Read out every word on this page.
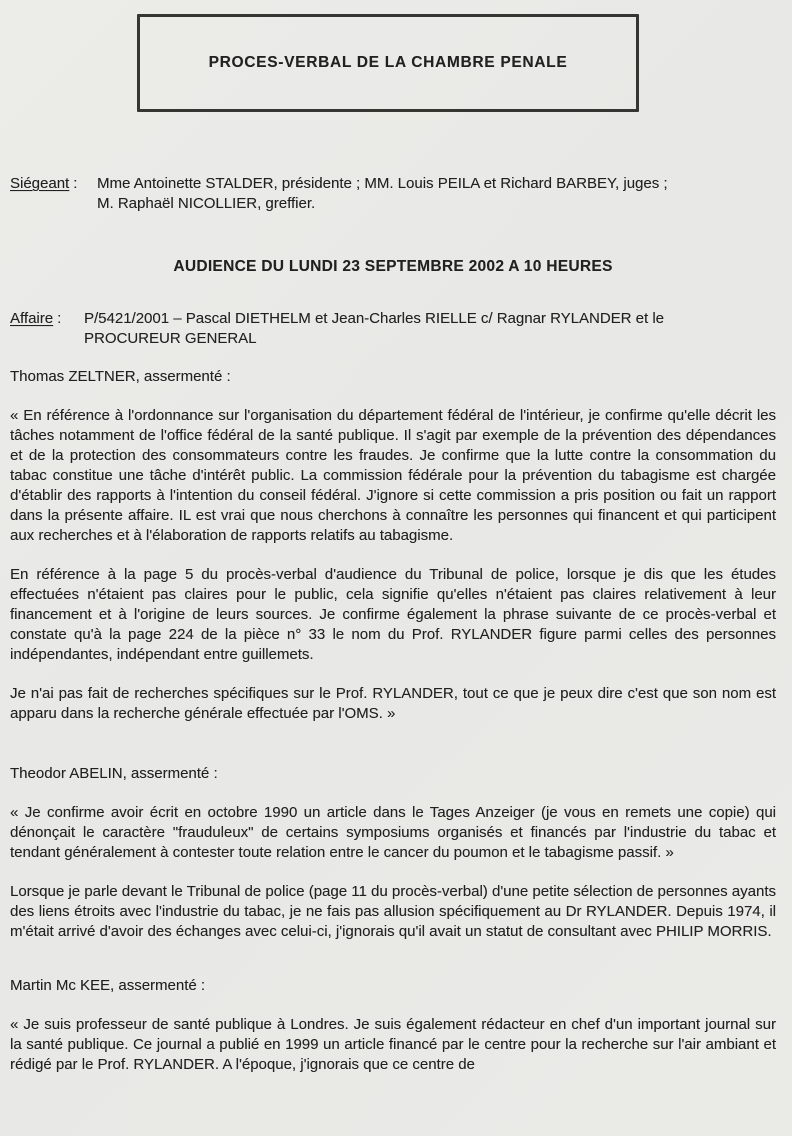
PROCES-VERBAL DE LA CHAMBRE PENALE
Siégeant :	Mme Antoinette STALDER, présidente ; MM. Louis PEILA et Richard BARBEY, juges ;
M. Raphaël NICOLLIER, greffier.
AUDIENCE DU LUNDI 23 SEPTEMBRE 2002 A 10 HEURES
Affaire :	P/5421/2001 – Pascal DIETHELM et Jean-Charles RIELLE c/ Ragnar RYLANDER et le
PROCUREUR GENERAL
Thomas ZELTNER, assermenté :

« En référence à l'ordonnance sur l'organisation du département fédéral de l'intérieur, je confirme qu'elle décrit les tâches notamment de l'office fédéral de la santé publique. Il s'agit par exemple de la prévention des dépendances et de la protection des consommateurs contre les fraudes. Je confirme que la lutte contre la consommation du tabac constitue une tâche d'intérêt public. La commission fédérale pour la prévention du tabagisme est chargée d'établir des rapports à l'intention du conseil fédéral. J'ignore si cette commission a pris position ou fait un rapport dans la présente affaire. IL est vrai que nous cherchons à connaître les personnes qui financent et qui participent aux recherches et à l'élaboration de rapports relatifs au tabagisme.

En référence à la page 5 du procès-verbal d'audience du Tribunal de police, lorsque je dis que les études effectuées n'étaient pas claires pour le public, cela signifie qu'elles n'étaient pas claires relativement à leur financement et à l'origine de leurs sources. Je confirme également la phrase suivante de ce procès-verbal et constate qu'à la page 224 de la pièce n° 33 le nom du Prof. RYLANDER figure parmi celles des personnes indépendantes, indépendant entre guillemets.

Je n'ai pas fait de recherches spécifiques sur le Prof. RYLANDER, tout ce que je peux dire c'est que son nom est apparu dans la recherche générale effectuée par l'OMS. »

Theodor ABELIN, assermenté :

« Je confirme avoir écrit en octobre 1990 un article dans le Tages Anzeiger (je vous en remets une copie) qui dénonçait le caractère "frauduleux" de certains symposiums organisés et financés par l'industrie du tabac et tendant généralement à contester toute relation entre le cancer du poumon et le tabagisme passif. »

Lorsque je parle devant le Tribunal de police (page 11 du procès-verbal) d'une petite sélection de personnes ayants des liens étroits avec l'industrie du tabac, je ne fais pas allusion spécifiquement au Dr RYLANDER. Depuis 1974, il m'était arrivé d'avoir des échanges avec celui-ci, j'ignorais qu'il avait un statut de consultant avec PHILIP MORRIS.

Martin Mc KEE, assermenté :

« Je suis professeur de santé publique à Londres. Je suis également rédacteur en chef d'un important journal sur la santé publique. Ce journal a publié en 1999 un article financé par le centre pour la recherche sur l'air ambiant et rédigé par le Prof. RYLANDER. A l'époque, j'ignorais que ce centre de
